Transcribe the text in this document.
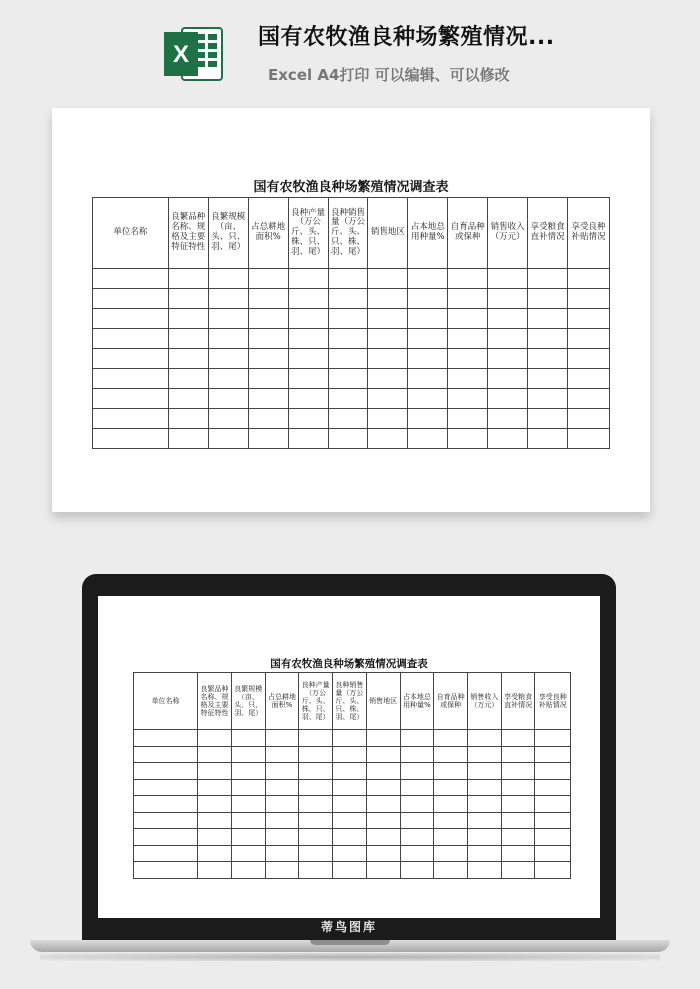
X
国有农牧渔良种场繁殖情况...
Excel A4打印 可以编辑、可以修改
国有农牧渔良种场繁殖情况调查表
单位名称	良繁品种名称、规格及主要特征特性	良繁规模（亩、头、只、羽、尾）	占总耕地面积%	良种产量（万公斤、头、株、只、羽、尾）	良种销售量（万公斤、头、只、株、羽、尾）	销售地区	占本地总用种量%	自育品种或保种	销售收入（万元）	享受粮食直补情况	享受良种补贴情况

国有农牧渔良种场繁殖情况调查表
单位名称	良繁品种名称、规格及主要特征特性	良繁规模（亩、头、只、羽、尾）	占总耕地面积%	良种产量（万公斤、头、株、只、羽、尾）	良种销售量（万公斤、头、只、株、羽、尾）	销售地区	占本地总用种量%	自育品种或保种	销售收入（万元）	享受粮食直补情况	享受良种补贴情况

蒂鸟图库
